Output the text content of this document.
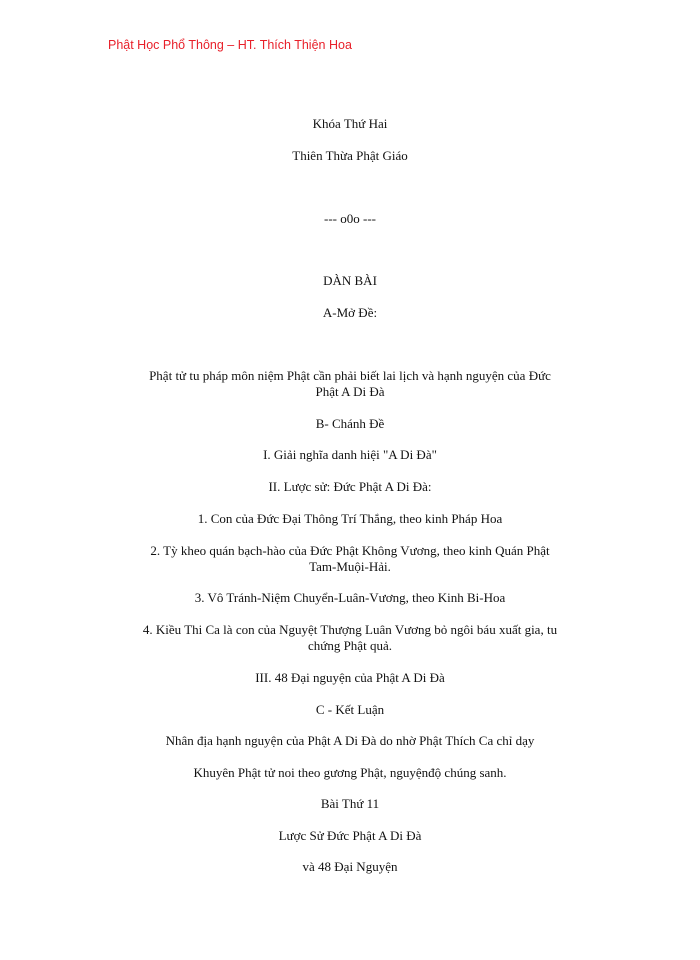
Phật Học Phổ Thông – HT. Thích Thiện Hoa
Khóa Thứ Hai
Thiên Thừa Phật Giáo
--- o0o ---
DÀN BÀI
A-Mở Đề:
Phật tử tu pháp môn niệm Phật cần phải biết lai lịch và hạnh nguyện của Đức Phật A Di Đà
B- Chánh Đề
I. Giải nghĩa danh hiệi "A Di Đà"
II. Lược sử: Đức Phật A Di Đà:
1. Con của Đức Đại Thông Trí Thắng, theo kinh Pháp Hoa
2. Tỳ kheo quán bạch-hào của Đức Phật Không Vương, theo kinh Quán Phật Tam-Muội-Hải.
3. Vô Tránh-Niệm Chuyển-Luân-Vương, theo Kinh Bi-Hoa
4. Kiều Thi Ca là con của Nguyệt Thượng Luân Vương bỏ ngôi báu xuất gia, tu chứng Phật quả.
III. 48 Đại nguyện của Phật A Di Đà
C - Kết Luận
Nhân địa hạnh nguyện của Phật A Di Đà do nhờ Phật Thích Ca chỉ dạy
Khuyên Phật tử noi theo gương Phật, nguyệnđộ chúng sanh.
Bài Thứ 11
Lược Sử Đức Phật A Di Đà
và 48 Đại Nguyện
